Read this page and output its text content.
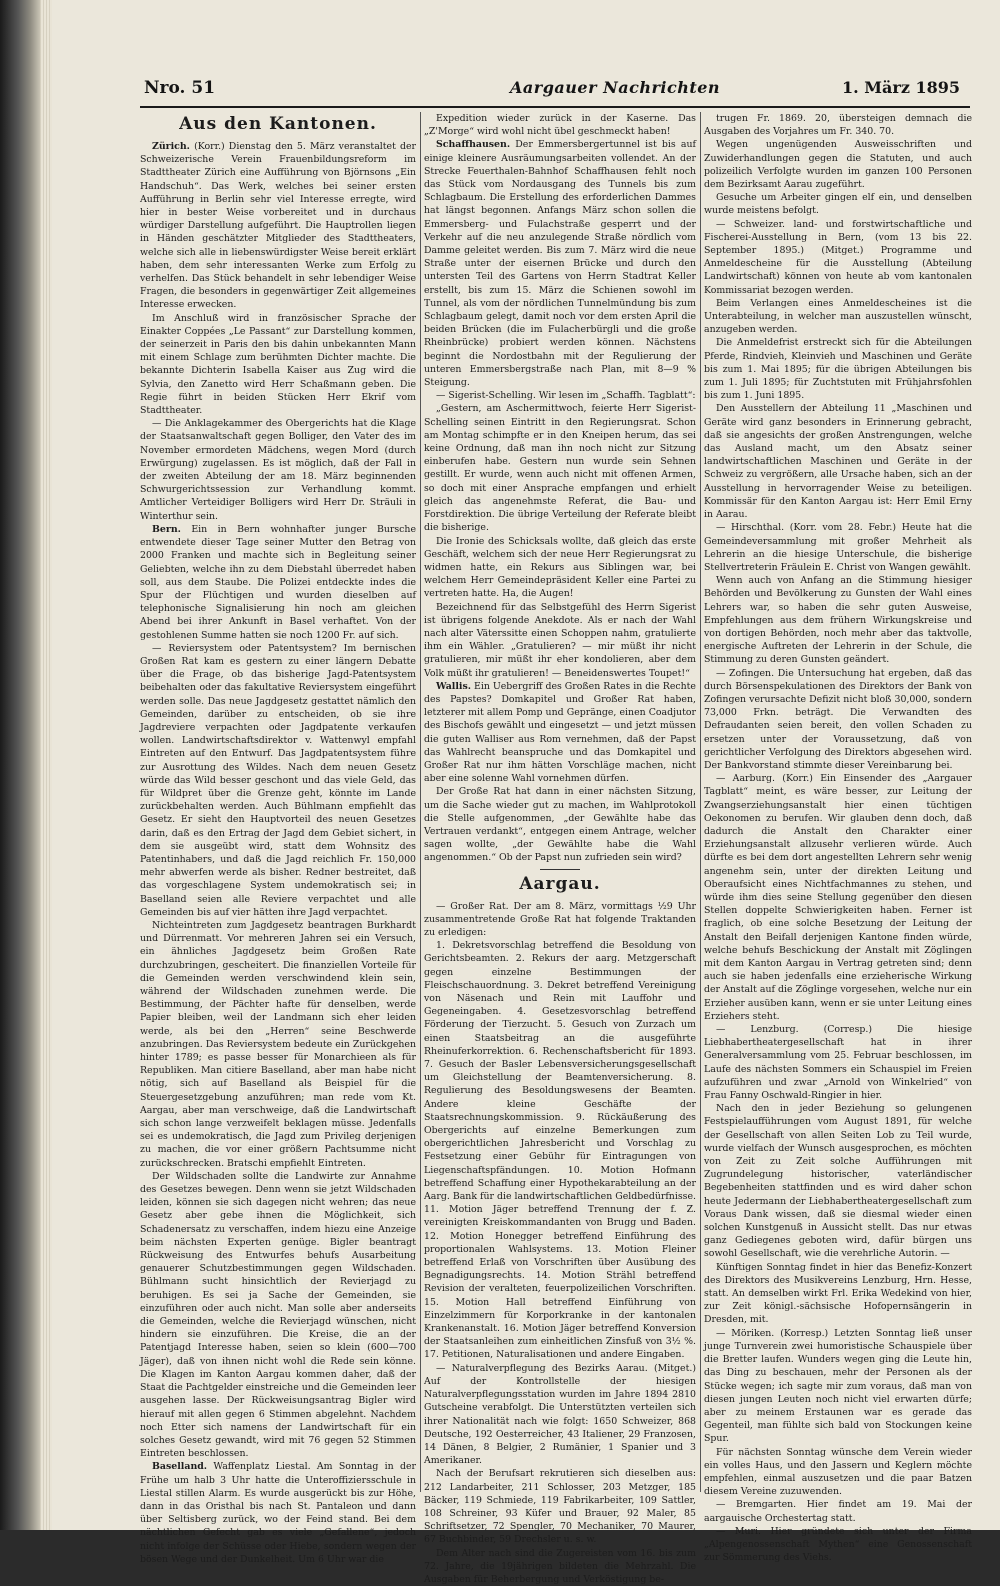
Nro. 51	Aargauer Nachrichten	1. März 1895
Aus den Kantonen.

Zürich. (Korr.) Dienstag den 5. März veranstaltet der Schweizerische Verein Frauenbildungsreform im Stadttheater Zürich eine Aufführung von Björnsons „Ein Handschuh“. Das Werk, welches bei seiner ersten Aufführung in Berlin sehr viel Interesse erregte, wird hier in bester Weise vorbereitet und in durchaus würdiger Darstellung aufgeführt. Die Hauptrollen liegen in Händen geschätzter Mitglieder des Stadttheaters, welche sich alle in liebenswürdigster Weise bereit erklärt haben, dem sehr interessanten Werke zum Erfolg zu verhelfen. Das Stück behandelt in sehr lebendiger Weise Fragen, die besonders in gegenwärtiger Zeit allgemeines Interesse erwecken.

Im Anschluß wird in französischer Sprache der Einakter Coppées „Le Passant“ zur Darstellung kommen, der seinerzeit in Paris den bis dahin unbekannten Mann mit einem Schlage zum berühmten Dichter machte. Die bekannte Dichterin Isabella Kaiser aus Zug wird die Sylvia, den Zanetto wird Herr Schaßmann geben. Die Regie führt in beiden Stücken Herr Ekrif vom Stadttheater.

— Die Anklagekammer des Obergerichts hat die Klage der Staatsanwaltschaft gegen Bolliger, den Vater des im November ermordeten Mädchens, wegen Mord (durch Erwürgung) zugelassen. Es ist möglich, daß der Fall in der zweiten Abteilung der am 18. März beginnenden Schwurgerichtssession zur Verhandlung kommt. Amtlicher Verteidiger Bolligers wird Herr Dr. Sträuli in Winterthur sein.

Bern. Ein in Bern wohnhafter junger Bursche entwendete dieser Tage seiner Mutter den Betrag von 2000 Franken und machte sich in Begleitung seiner Geliebten, welche ihn zu dem Diebstahl überredet haben soll, aus dem Staube. Die Polizei entdeckte indes die Spur der Flüchtigen und wurden dieselben auf telephonische Signalisierung hin noch am gleichen Abend bei ihrer Ankunft in Basel verhaftet. Von der gestohlenen Summe hatten sie noch 1200 Fr. auf sich.

— Reviersystem oder Patentsystem? Im bernischen Großen Rat kam es gestern zu einer längern Debatte über die Frage, ob das bisherige Jagd-Patentsystem beibehalten oder das fakultative Reviersystem eingeführt werden solle. Das neue Jagdgesetz gestattet nämlich den Gemeinden, darüber zu entscheiden, ob sie ihre Jagdreviere verpachten oder Jagdpatente verkaufen wollen. Landwirtschaftsdirektor v. Wattenwyl empfahl Eintreten auf den Entwurf. Das Jagdpatentsystem führe zur Ausrottung des Wildes. Nach dem neuen Gesetz würde das Wild besser geschont und das viele Geld, das für Wildpret über die Grenze geht, könnte im Lande zurückbehalten werden. Auch Bühlmann empfiehlt das Gesetz. Er sieht den Hauptvorteil des neuen Gesetzes darin, daß es den Ertrag der Jagd dem Gebiet sichert, in dem sie ausgeübt wird, statt dem Wohnsitz des Patentinhabers, und daß die Jagd reichlich Fr. 150,000 mehr abwerfen werde als bisher. Redner bestreitet, daß das vorgeschlagene System undemokratisch sei; in Baselland seien alle Reviere verpachtet und alle Gemeinden bis auf vier hätten ihre Jagd verpachtet.

Nichteintreten zum Jagdgesetz beantragen Burkhardt und Dürrenmatt. Vor mehreren Jahren sei ein Versuch, ein ähnliches Jagdgesetz beim Großen Rate durchzubringen, gescheitert. Die finanziellen Vorteile für die Gemeinden werden verschwindend klein sein, während der Wildschaden zunehmen werde. Die Bestimmung, der Pächter hafte für denselben, werde Papier bleiben, weil der Landmann sich eher leiden werde, als bei den „Herren“ seine Beschwerde anzubringen. Das Reviersystem bedeute ein Zurückgehen hinter 1789; es passe besser für Monarchieen als für Republiken. Man citiere Baselland, aber man habe nicht nötig, sich auf Baselland als Beispiel für die Steuergesetzgebung anzuführen; man rede vom Kt. Aargau, aber man verschweige, daß die Landwirtschaft sich schon lange verzweifelt beklagen müsse. Jedenfalls sei es undemokratisch, die Jagd zum Privileg derjenigen zu machen, die vor einer größern Pachtsumme nicht zurückschrecken. Bratschi empfiehlt Eintreten.

Der Wildschaden sollte die Landwirte zur Annahme des Gesetzes bewegen. Denn wenn sie jetzt Wildschaden leiden, können sie sich dagegen nicht wehren; das neue Gesetz aber gebe ihnen die Möglichkeit, sich Schadenersatz zu verschaffen, indem hiezu eine Anzeige beim nächsten Experten genüge. Bigler beantragt Rückweisung des Entwurfes behufs Ausarbeitung genauerer Schutzbestimmungen gegen Wildschaden. Bühlmann sucht hinsichtlich der Revierjagd zu beruhigen. Es sei ja Sache der Gemeinden, sie einzuführen oder auch nicht. Man solle aber anderseits die Gemeinden, welche die Revierjagd wünschen, nicht hindern sie einzuführen. Die Kreise, die an der Patentjagd Interesse haben, seien so klein (600—700 Jäger), daß von ihnen nicht wohl die Rede sein könne. Die Klagen im Kanton Aargau kommen daher, daß der Staat die Pachtgelder einstreiche und die Gemeinden leer ausgehen lasse. Der Rückweisungsantrag Bigler wird hierauf mit allen gegen 6 Stimmen abgelehnt. Nachdem noch Etter sich namens der Landwirtschaft für ein solches Gesetz gewandt, wird mit 76 gegen 52 Stimmen Eintreten beschlossen.

Baselland. Waffenplatz Liestal. Am Sonntag in der Frühe um halb 3 Uhr hatte die Unteroffiziersschule in Liestal stillen Alarm. Es wurde ausgerückt bis zur Höhe, dann in das Oristhal bis nach St. Pantaleon und dann über Seltisberg zurück, wo der Feind stand. Bei dem nächtlichen Gefecht gab es viele „Gefallene“, jedoch nicht infolge der Schüsse oder Hiebe, sondern wegen der bösen Wege und der Dunkelheit. Um 6 Uhr war die

Expedition wieder zurück in der Kaserne. Das „Z'Morge“ wird wohl nicht übel geschmeckt haben!

Schaffhausen. Der Emmersbergertunnel ist bis auf einige kleinere Ausräumungsarbeiten vollendet. An der Strecke Feuerthalen-Bahnhof Schaffhausen fehlt noch das Stück vom Nordausgang des Tunnels bis zum Schlagbaum. Die Erstellung des erforderlichen Dammes hat längst begonnen. Anfangs März schon sollen die Emmersberg- und Fulachstraße gesperrt und der Verkehr auf die neu anzulegende Straße nördlich vom Damme geleitet werden. Bis zum 7. März wird die neue Straße unter der eisernen Brücke und durch den untersten Teil des Gartens von Herrn Stadtrat Keller erstellt, bis zum 15. März die Schienen sowohl im Tunnel, als vom der nördlichen Tunnelmündung bis zum Schlagbaum gelegt, damit noch vor dem ersten April die beiden Brücken (die im Fulacherbürgli und die große Rheinbrücke) probiert werden können. Nächstens beginnt die Nordostbahn mit der Regulierung der unteren Emmersbergstraße nach Plan, mit 8—9 % Steigung.

— Sigerist-Schelling. Wir lesen im „Schaffh. Tagblatt“:

„Gestern, am Aschermittwoch, feierte Herr Sigerist-Schelling seinen Eintritt in den Regierungsrat. Schon am Montag schimpfte er in den Kneipen herum, das sei keine Ordnung, daß man ihn noch nicht zur Sitzung einberufen habe. Gestern nun wurde sein Sehnen gestillt. Er wurde, wenn auch nicht mit offenen Armen, so doch mit einer Ansprache empfangen und erhielt gleich das angenehmste Referat, die Bau- und Forstdirektion. Die übrige Verteilung der Referate bleibt die bisherige.

Die Ironie des Schicksals wollte, daß gleich das erste Geschäft, welchem sich der neue Herr Regierungsrat zu widmen hatte, ein Rekurs aus Siblingen war, bei welchem Herr Gemeindepräsident Keller eine Partei zu vertreten hatte. Ha, die Augen!

Bezeichnend für das Selbstgefühl des Herrn Sigerist ist übrigens folgende Anekdote. Als er nach der Wahl nach alter Väterssitte einen Schoppen nahm, gratulierte ihm ein Wähler. „Gratulieren? — mir müßt ihr nicht gratulieren, mir müßt ihr eher kondolieren, aber dem Volk müßt ihr gratulieren! — Beneidenswertes Toupet!“

Wallis. Ein Uebergriff des Großen Rates in die Rechte des Papstes? Domkapitel und Großer Rat haben, letzterer mit allem Pomp und Gepränge, einen Coadjutor des Bischofs gewählt und eingesetzt — und jetzt müssen die guten Walliser aus Rom vernehmen, daß der Papst das Wahlrecht beanspruche und das Domkapitel und Großer Rat nur ihm hätten Vorschläge machen, nicht aber eine solenne Wahl vornehmen dürfen.

Der Große Rat hat dann in einer nächsten Sitzung, um die Sache wieder gut zu machen, im Wahlprotokoll die Stelle aufgenommen, „der Gewählte habe das Vertrauen verdankt“, entgegen einem Antrage, welcher sagen wollte, „der Gewählte habe die Wahl angenommen.“ Ob der Papst nun zufrieden sein wird?

Aargau.

— Großer Rat. Der am 8. März, vormittags ½9 Uhr zusammentretende Große Rat hat folgende Traktanden zu erledigen:

1. Dekretsvorschlag betreffend die Besoldung von Gerichtsbeamten. 2. Rekurs der aarg. Metzgerschaft gegen einzelne Bestimmungen der Fleischschauordnung. 3. Dekret betreffend Vereinigung von Näsenach und Rein mit Lauffohr und Gegeneingaben. 4. Gesetzesvorschlag betreffend Förderung der Tierzucht. 5. Gesuch von Zurzach um einen Staatsbeitrag an die ausgeführte Rheinuferkorrektion. 6. Rechenschaftsbericht für 1893. 7. Gesuch der Basler Lebensversicherungsgesellschaft um Gleichstellung der Beamtenversicherung. 8. Regulierung des Besoldungswesens der Beamten. Andere kleine Geschäfte der Staatsrechnungskommission. 9. Rückäußerung des Obergerichts auf einzelne Bemerkungen zum obergerichtlichen Jahresbericht und Vorschlag zu Festsetzung einer Gebühr für Eintragungen von Liegenschaftspfändungen. 10. Motion Hofmann betreffend Schaffung einer Hypothekarabteilung an der Aarg. Bank für die landwirtschaftlichen Geldbedürfnisse. 11. Motion Jäger betreffend Trennung der f. Z. vereinigten Kreiskommandanten von Brugg und Baden. 12. Motion Honegger betreffend Einführung des proportionalen Wahlsystems. 13. Motion Fleiner betreffend Erlaß von Vorschriften über Ausübung des Begnadigungsrechts. 14. Motion Strähl betreffend Revision der veralteten, feuerpolizeilichen Vorschriften. 15. Motion Hall betreffend Einführung von Einzelzimmern für Korporkranke in der kantonalen Krankenanstalt. 16. Motion Jäger betreffend Konversion der Staatsanleihen zum einheitlichen Zinsfuß von 3½ %. 17. Petitionen, Naturalisationen und andere Eingaben.

— Naturalverpflegung des Bezirks Aarau. (Mitget.) Auf der Kontrollstelle der hiesigen Naturalverpflegungsstation wurden im Jahre 1894 2810 Gutscheine verabfolgt. Die Unterstützten verteilen sich ihrer Nationalität nach wie folgt: 1650 Schweizer, 868 Deutsche, 192 Oesterreicher, 43 Italiener, 29 Franzosen, 14 Dänen, 8 Belgier, 2 Rumänier, 1 Spanier und 3 Amerikaner.

Nach der Berufsart rekrutieren sich dieselben aus: 212 Landarbeiter, 211 Schlosser, 203 Metzger, 185 Bäcker, 119 Schmiede, 119 Fabrikarbeiter, 109 Sattler, 108 Schreiner, 93 Küfer und Brauer, 92 Maler, 85 Schriftsetzer, 72 Spengler, 70 Mechaniker, 70 Maurer, 67 Buchbinder, 59 Drechsler u. s. w.

Dem Alter nach sind die Zugereisten vom 16. bis zum 72. Jahre, die 19jährigen bildeten die Mehrzahl. Die Ausgaben für Beherbergung und Verköstigung be-

trugen Fr. 1869. 20, übersteigen demnach die Ausgaben des Vorjahres um Fr. 340. 70.

Wegen ungenügenden Ausweisschriften und Zuwiderhandlungen gegen die Statuten, und auch polizeilich Verfolgte wurden im ganzen 100 Personen dem Bezirksamt Aarau zugeführt.

Gesuche um Arbeiter gingen elf ein, und denselben wurde meistens befolgt.

— Schweizer. land- und forstwirtschaftliche und Fischerei-Ausstellung in Bern, (vom 13 bis 22. September 1895.) (Mitget.) Programme und Anmeldescheine für die Ausstellung (Abteilung Landwirtschaft) können von heute ab vom kantonalen Kommissariat bezogen werden.

Beim Verlangen eines Anmeldescheines ist die Unterabteilung, in welcher man auszustellen wünscht, anzugeben werden.

Die Anmeldefrist erstreckt sich für die Abteilungen Pferde, Rindvieh, Kleinvieh und Maschinen und Geräte bis zum 1. Mai 1895; für die übrigen Abteilungen bis zum 1. Juli 1895; für Zuchtstuten mit Frühjahrsfohlen bis zum 1. Juni 1895.

Den Ausstellern der Abteilung 11 „Maschinen und Geräte wird ganz besonders in Erinnerung gebracht, daß sie angesichts der großen Anstrengungen, welche das Ausland macht, um den Absatz seiner landwirtschaftlichen Maschinen und Geräte in der Schweiz zu vergrößern, alle Ursache haben, sich an der Ausstellung in hervorragender Weise zu beteiligen. Kommissär für den Kanton Aargau ist: Herr Emil Erny in Aarau.

— Hirschthal. (Korr. vom 28. Febr.) Heute hat die Gemeindeversammlung mit großer Mehrheit als Lehrerin an die hiesige Unterschule, die bisherige Stellvertreterin Fräulein E. Christ von Wangen gewählt.

Wenn auch von Anfang an die Stimmung hiesiger Behörden und Bevölkerung zu Gunsten der Wahl eines Lehrers war, so haben die sehr guten Ausweise, Empfehlungen aus dem frühern Wirkungskreise und von dortigen Behörden, noch mehr aber das taktvolle, energische Auftreten der Lehrerin in der Schule, die Stimmung zu deren Gunsten geändert.

— Zofingen. Die Untersuchung hat ergeben, daß das durch Börsenspekulationen des Direktors der Bank von Zofingen verursachte Defizit nicht bloß 30,000, sondern 73,000 Frkn. beträgt. Die Verwandten des Defraudanten seien bereit, den vollen Schaden zu ersetzen unter der Voraussetzung, daß von gerichtlicher Verfolgung des Direktors abgesehen wird. Der Bankvorstand stimmte dieser Vereinbarung bei.

— Aarburg. (Korr.) Ein Einsender des „Aargauer Tagblatt“ meint, es wäre besser, zur Leitung der Zwangserziehungsanstalt hier einen tüchtigen Oekonomen zu berufen. Wir glauben denn doch, daß dadurch die Anstalt den Charakter einer Erziehungsanstalt allzusehr verlieren würde. Auch dürfte es bei dem dort angestellten Lehrern sehr wenig angenehm sein, unter der direkten Leitung und Oberaufsicht eines Nichtfachmannes zu stehen, und würde ihm dies seine Stellung gegenüber den diesen Stellen doppelte Schwierigkeiten haben. Ferner ist fraglich, ob eine solche Besetzung der Leitung der Anstalt den Beifall derjenigen Kantone finden würde, welche behufs Beschickung der Anstalt mit Zöglingen mit dem Kanton Aargau in Vertrag getreten sind; denn auch sie haben jedenfalls eine erzieherische Wirkung der Anstalt auf die Zöglinge vorgesehen, welche nur ein Erzieher ausüben kann, wenn er sie unter Leitung eines Erziehers steht.

— Lenzburg. (Corresp.) Die hiesige Liebhabertheatergesellschaft hat in ihrer Generalversammlung vom 25. Februar beschlossen, im Laufe des nächsten Sommers ein Schauspiel im Freien aufzuführen und zwar „Arnold von Winkelried“ von Frau Fanny Oschwald-Ringier in hier.

Nach den in jeder Beziehung so gelungenen Festspielaufführungen vom August 1891, für welche der Gesellschaft von allen Seiten Lob zu Teil wurde, wurde vielfach der Wunsch ausgesprochen, es möchten von Zeit zu Zeit solche Aufführungen mit Zugrundelegung historischer, vaterländischer Begebenheiten stattfinden und es wird daher schon heute Jedermann der Liebhabertheatergesellschaft zum Voraus Dank wissen, daß sie diesmal wieder einen solchen Kunstgenuß in Aussicht stellt. Das nur etwas ganz Gediegenes geboten wird, dafür bürgen uns sowohl Gesellschaft, wie die verehrliche Autorin. —

Künftigen Sonntag findet in hier das Benefiz-Konzert des Direktors des Musikvereins Lenzburg, Hrn. Hesse, statt. An demselben wirkt Frl. Erika Wedekind von hier, zur Zeit königl.-sächsische Hofopernsängerin in Dresden, mit.

— Möriken. (Korresp.) Letzten Sonntag ließ unser junge Turnverein zwei humoristische Schauspiele über die Bretter laufen. Wunders wegen ging die Leute hin, das Ding zu beschauen, mehr der Personen als der Stücke wegen; ich sagte mir zum voraus, daß man von diesen jungen Leuten noch nicht viel erwarten dürfe; aber zu meinem Erstaunen war es gerade das Gegenteil, man fühlte sich bald von Stockungen keine Spur.

Für nächsten Sonntag wünsche dem Verein wieder ein volles Haus, und den Jassern und Keglern möchte empfehlen, einmal auszusetzen und die paar Batzen diesem Vereine zuzuwenden.

— Bremgarten. Hier findet am 19. Mai der aargauische Orchestertag statt.

— Muri. Hier gründete sich unter der Firma „Alpengenossenschaft Mythen“ eine Genossenschaft zur Sömmerung des Viehs.
